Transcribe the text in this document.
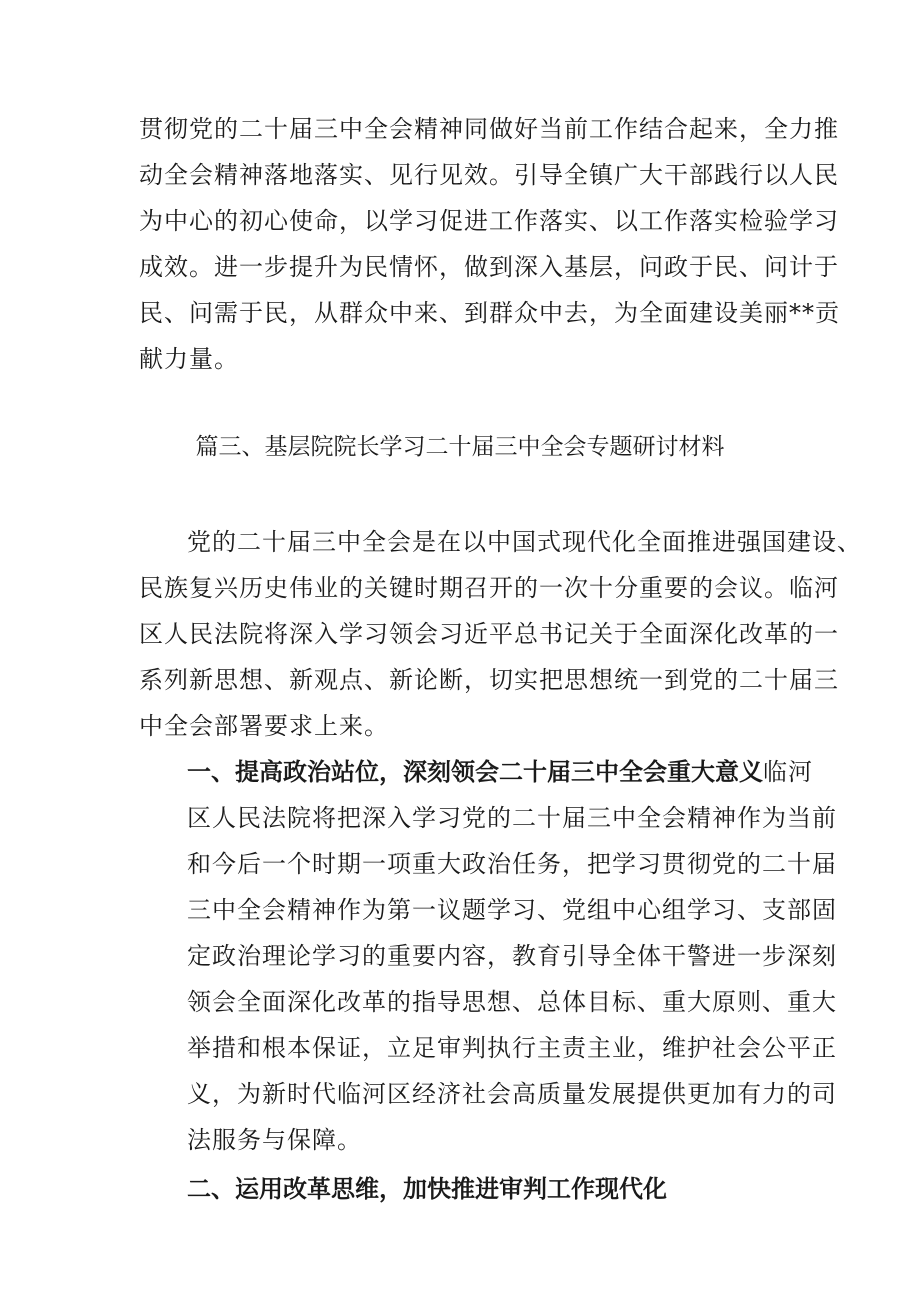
贯彻党的二十届三中全会精神同做好当前工作结合起来，全力推
动全会精神落地落实、见行见效。引导全镇广大干部践行以人民
为中心的初心使命，以学习促进工作落实、以工作落实检验学习
成效。进一步提升为民情怀，做到深入基层，问政于民、问计于
民、问需于民，从群众中来、到群众中去，为全面建设美丽**贡
献力量。
篇三、基层院院长学习二十届三中全会专题研讨材料
党的二十届三中全会是在以中国式现代化全面推进强国建设、
民族复兴历史伟业的关键时期召开的一次十分重要的会议。临河
区人民法院将深入学习领会习近平总书记关于全面深化改革的一
系列新思想、新观点、新论断，切实把思想统一到党的二十届三
中全会部署要求上来。
一、提高政治站位，深刻领会二十届三中全会重大意义临河
区人民法院将把深入学习党的二十届三中全会精神作为当前
和今后一个时期一项重大政治任务，把学习贯彻党的二十届
三中全会精神作为第一议题学习、党组中心组学习、支部固
定政治理论学习的重要内容，教育引导全体干警进一步深刻
领会全面深化改革的指导思想、总体目标、重大原则、重大
举措和根本保证，立足审判执行主责主业，维护社会公平正
义，为新时代临河区经济社会高质量发展提供更加有力的司
法服务与保障。
二、运用改革思维，加快推进审判工作现代化
